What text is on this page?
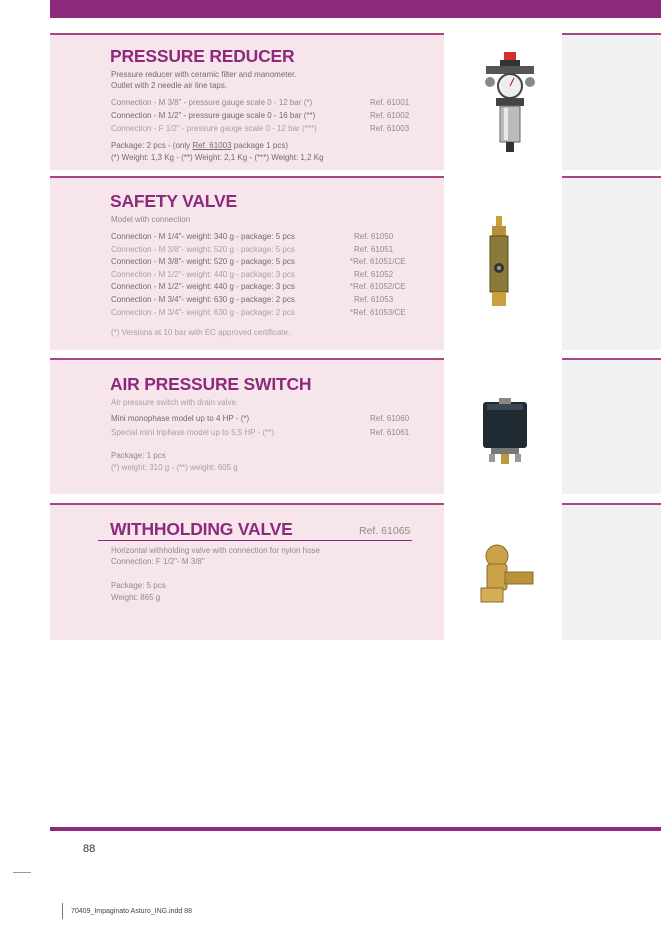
PRESSURE REDUCER
Pressure reducer with ceramic filter and manometer.
Outlet with 2 needle air line taps.
Connection - M 3/8" - pressure gauge scale 0 - 12 bar (*)	Ref. 61001
Connection - M 1/2" - pressure gauge scale 0 - 16 bar (**)	Ref. 61002
Connection - F 1/2" - pressure gauge scale 0 - 12 bar (***)	Ref. 61003
Package: 2 pcs - (only Ref. 61003 package 1 pcs)
(*) Weight: 1,3 Kg - (**) Weight: 2,1 Kg - (***) Weight: 1,2 Kg
SAFETY VALVE
Model with connection
Connection - M 1/4"- weight: 340 g - package: 5 pcs	Ref. 61050
Connection - M 3/8"- weight: 520 g - package: 5 pcs	Ref. 61051
Connection - M 3/8"- weight: 520 g - package: 5 pcs	*Ref. 61051/CE
Connection - M 1/2"- weight: 440 g - package: 3 pcs	Ref. 61052
Connection - M 1/2"- weight: 440 g - package: 3 pcs	*Ref. 61052/CE
Connection - M 3/4"- weight: 630 g - package: 2 pcs	Ref. 61053
Connection - M 3/4"- weight: 630 g - package: 2 pcs	*Ref. 61053/CE
(*) Versions at 10 bar with EC approved certificate.
AIR PRESSURE SWITCH
Air pressure switch with drain valve.
Mini monophase model up to 4 HP - (*)	Ref. 61060
Special mini triphase model up to 5,5 HP - (**)	Ref. 61061
Package: 1 pcs
(*) weight: 310 g - (**) weight: 605 g
WITHHOLDING VALVE	Ref. 61065
Horizontal withholding valve with connection for nylon hose
Connection: F 1/2"- M 3/8"
Package: 5 pcs
Weight: 865 g
88
70409_Impaginato Asturo_ING.indd 88
